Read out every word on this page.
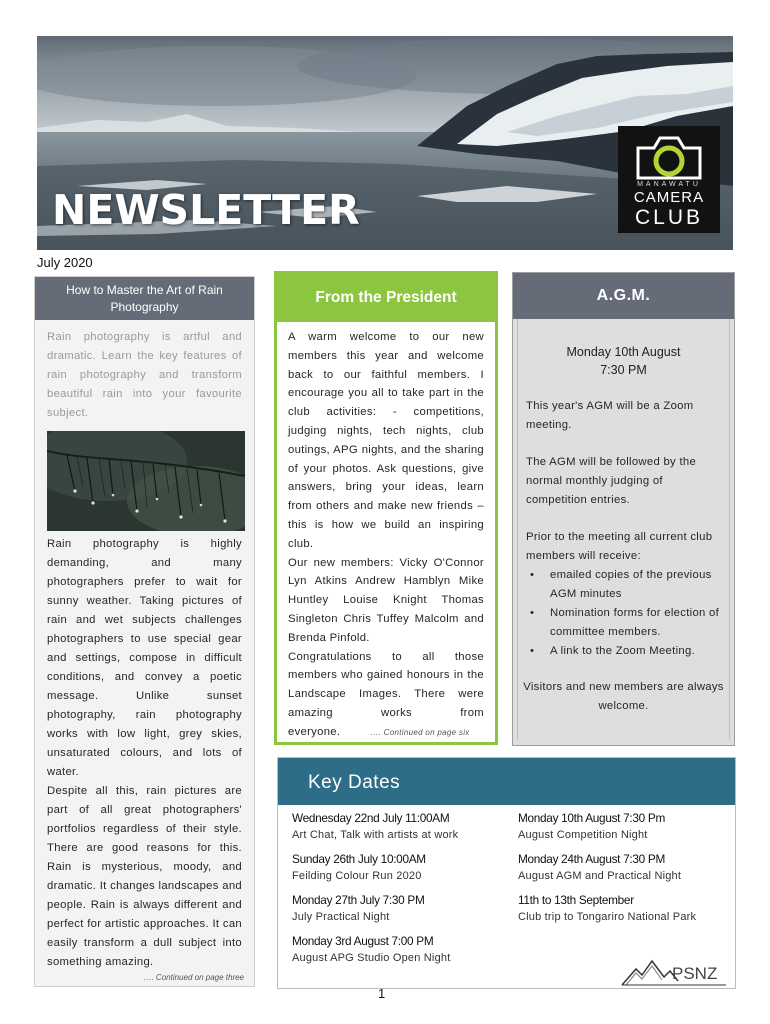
NEWSLETTER
MANAWATU
CAMERA
CLUB
July 2020
How to Master the Art of Rain Photography
Rain photography is artful and dramatic. Learn the key features of rain photography and transform beautiful rain into your favourite subject.

Rain photography is highly demanding, and many photographers prefer to wait for sunny weather. Taking pictures of rain and wet subjects challenges photographers to use special gear and settings, compose in difficult conditions, and convey a poetic message. Unlike sunset photography, rain photography works with low light, grey skies, unsaturated colours, and lots of water.

Despite all this, rain pictures are part of all great photographers' portfolios regardless of their style. There are good reasons for this. Rain is mysterious, moody, and dramatic. It changes landscapes and people. Rain is always different and perfect for artistic approaches. It can easily transform a dull subject into something amazing.

…. Continued on page three
From the President

A warm welcome to our new members this year and welcome back to our faithful members. I encourage you all to take part in the club activities: - competitions, judging nights, tech nights, club outings, APG nights, and the sharing of your photos. Ask questions, give answers, bring your ideas, learn from others and make new friends – this is how we build an inspiring club.

Our new members: Vicky O'Connor Lyn Atkins Andrew Hamblyn Mike Huntley Louise Knight Thomas Singleton Chris Tuffey Malcolm and Brenda Pinfold.

Congratulations to all those members who gained honours in the Landscape Images. There were amazing works from everyone.	…. Continued on page six

A.G.M.
Monday 10th August
7:30 PM
This year's AGM will be a Zoom meeting.
The AGM will be followed by the normal monthly judging of competition entries.
Prior to the meeting all current club members will receive:
• emailed copies of the previous AGM minutes
• Nomination forms for election of committee members.
• A link to the Zoom Meeting.
Visitors and new members are always welcome.
Key Dates
Wednesday 22nd July 11:00AM
Art Chat, Talk with artists at work
Sunday 26th July 10:00AM
Feilding Colour Run 2020
Monday 27th July 7:30 PM
July Practical Night
Monday 3rd August 7:00 PM
August APG Studio Open Night
Monday 10th August 7:30 Pm
August Competition Night
Monday 24th August 7:30 PM
August AGM and Practical Night
11th to 13th September
Club trip to Tongariro National Park
PSNZ
1
